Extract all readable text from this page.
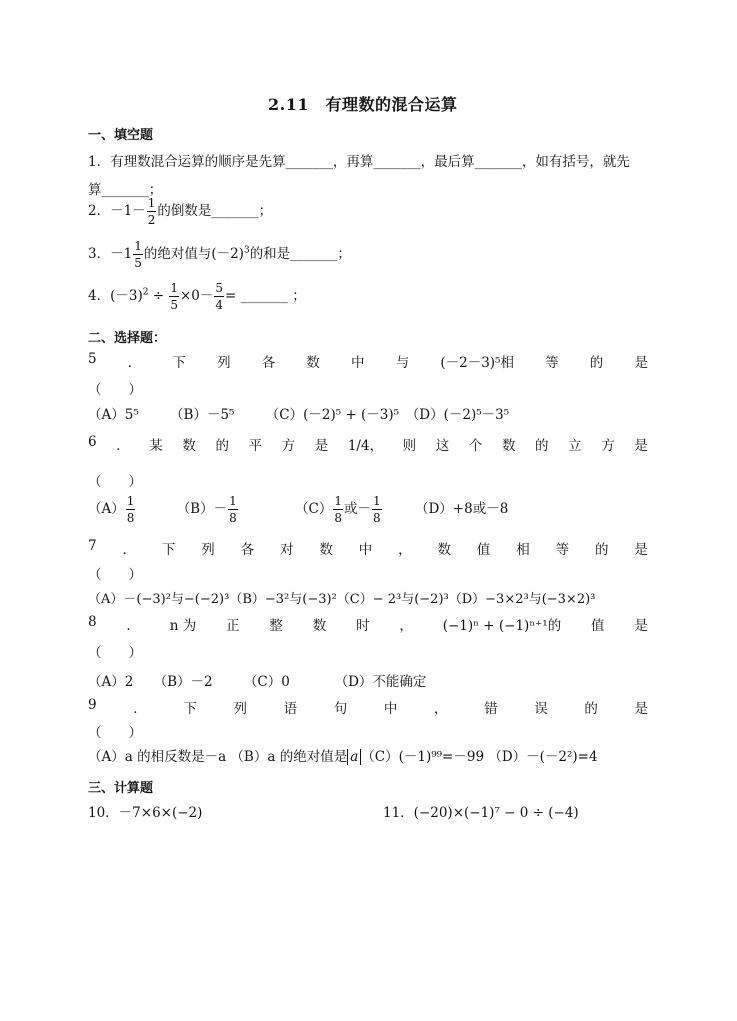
2.11　有理数的混合运算
一、填空题
1．有理数混合运算的顺序是先算_______，再算_______，最后算_______，如有括号，就先
算_______；
2．$-1- \frac{1}{2}$ 的倒数是_______；
3．$-1 \frac{1}{5}$ 的绝对值与$(-2)^3$的和是_______；
4．$(-3)^2 \div \frac{1}{5} \times 0- \frac{5}{4}$ = _______ ；
二、选择题：
5 ． 下 列 各 数 中 与 (－2－3)⁵相 等 的 是
（　　）
（A）5⁵　　 （B）－5⁵　　 （C）(－2)⁵ + (－3)⁵　（D）(－2)⁵－3⁵
6 ． 某 数 的 平 方 是 1/4， 则 这 个 数 的 立 方 是
（　　）
$(A) \frac{1}{8}$	$(B)- \frac{1}{8}$	$(C) \frac{1}{8}$ 或－ $\frac{1}{8} (D)+8$或－8
7 ． 下 列 各 对 数 中 ， 数 值 相 等 的 是
（　　）
（A）－(−3)²与−(−2)³（B）−3²与(−3)²（C）− 2³与(−2)³（D）−3×2³与(−3×2)³
8 ． n 为 正 整 数 时 ， (−1)ⁿ + (−1)ⁿ⁺¹的 值 是
（　　）
（A）2　　（B）－2　　 （C）0　　　 （D）不能确定
9	．	下	列	语	句	中	，	错	误	的	是
（　　）
（A）a 的相反数是－a （B）a 的绝对值是 a （C）(－1)⁹⁹=－99 （D）－(－2²)=4
三、计算题
10．－7×6×(−2)	11．(−20)×(−1)⁷ − 0 ÷ (−4)
